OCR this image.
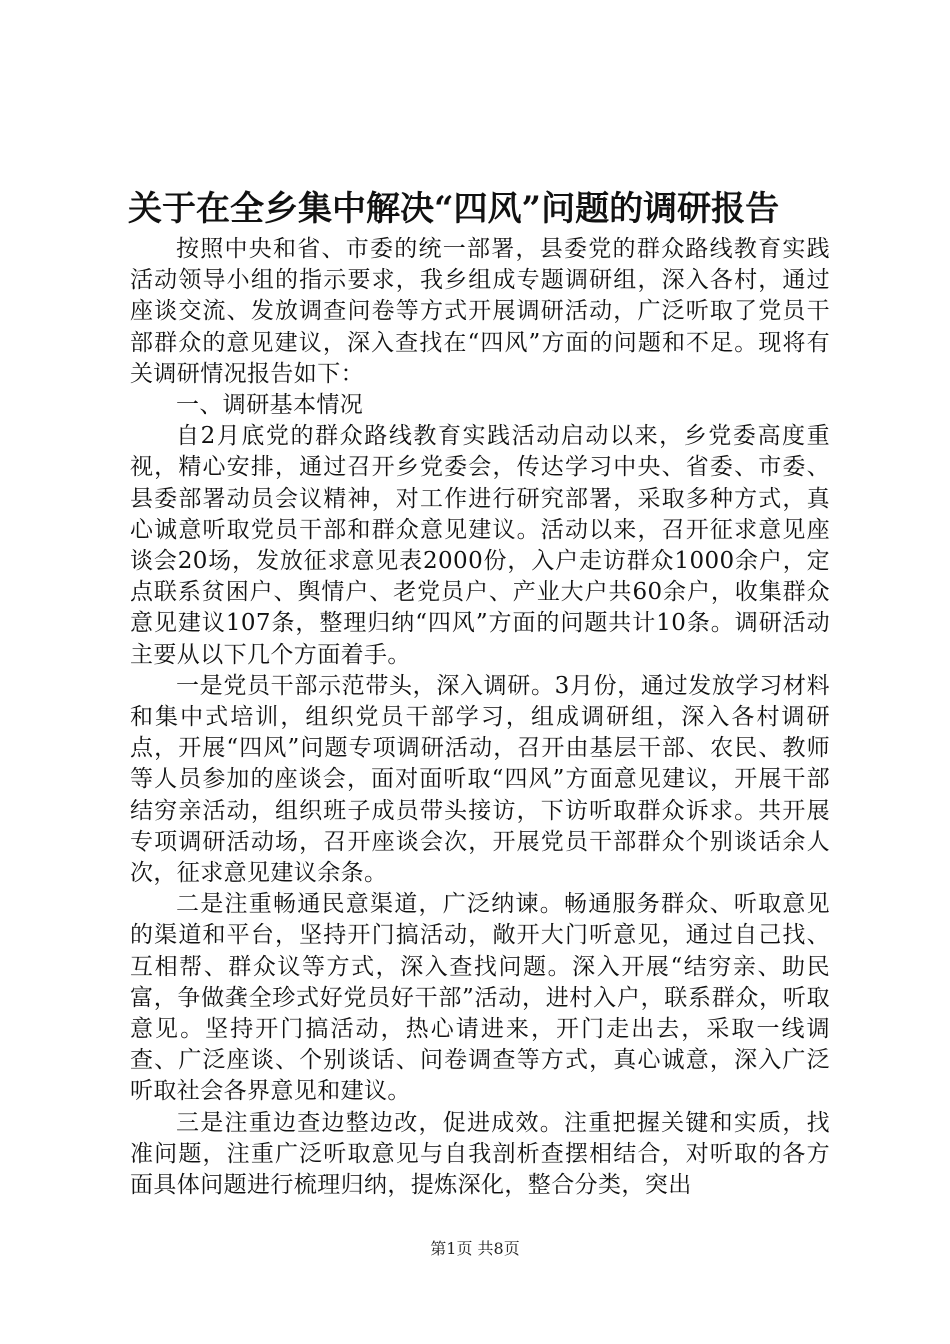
关于在全乡集中解决“四风”问题的调研报告

按照中央和省、市委的统一部署，县委党的群众路线教育实践活动领导小组的指示要求，我乡组成专题调研组，深入各村，通过座谈交流、发放调查问卷等方式开展调研活动，广泛听取了党员干部群众的意见建议，深入查找在“四风”方面的问题和不足。现将有关调研情况报告如下：

一、调研基本情况

自2月底党的群众路线教育实践活动启动以来，乡党委高度重视，精心安排，通过召开乡党委会，传达学习中央、省委、市委、县委部署动员会议精神，对工作进行研究部署，采取多种方式，真心诚意听取党员干部和群众意见建议。活动以来，召开征求意见座谈会20场，发放征求意见表2000份，入户走访群众1000余户，定点联系贫困户、舆情户、老党员户、产业大户共60余户，收集群众意见建议107条，整理归纳“四风”方面的问题共计10条。调研活动主要从以下几个方面着手。

一是党员干部示范带头，深入调研。3月份，通过发放学习材料和集中式培训，组织党员干部学习，组成调研组，深入各村调研点，开展“四风”问题专项调研活动，召开由基层干部、农民、教师等人员参加的座谈会，面对面听取“四风”方面意见建议，开展干部结穷亲活动，组织班子成员带头接访，下访听取群众诉求。共开展专项调研活动场，召开座谈会次，开展党员干部群众个别谈话余人次，征求意见建议余条。

二是注重畅通民意渠道，广泛纳谏。畅通服务群众、听取意见的渠道和平台，坚持开门搞活动，敞开大门听意见，通过自己找、互相帮、群众议等方式，深入查找问题。深入开展“结穷亲、助民富，争做龚全珍式好党员好干部”活动，进村入户，联系群众，听取意见。坚持开门搞活动，热心请进来，开门走出去，采取一线调查、广泛座谈、个别谈话、问卷调查等方式，真心诚意，深入广泛听取社会各界意见和建议。

三是注重边查边整边改，促进成效。注重把握关键和实质，找准问题，注重广泛听取意见与自我剖析查摆相结合，对听取的各方面具体问题进行梳理归纳，提炼深化，整合分类，突出

第1页 共8页
